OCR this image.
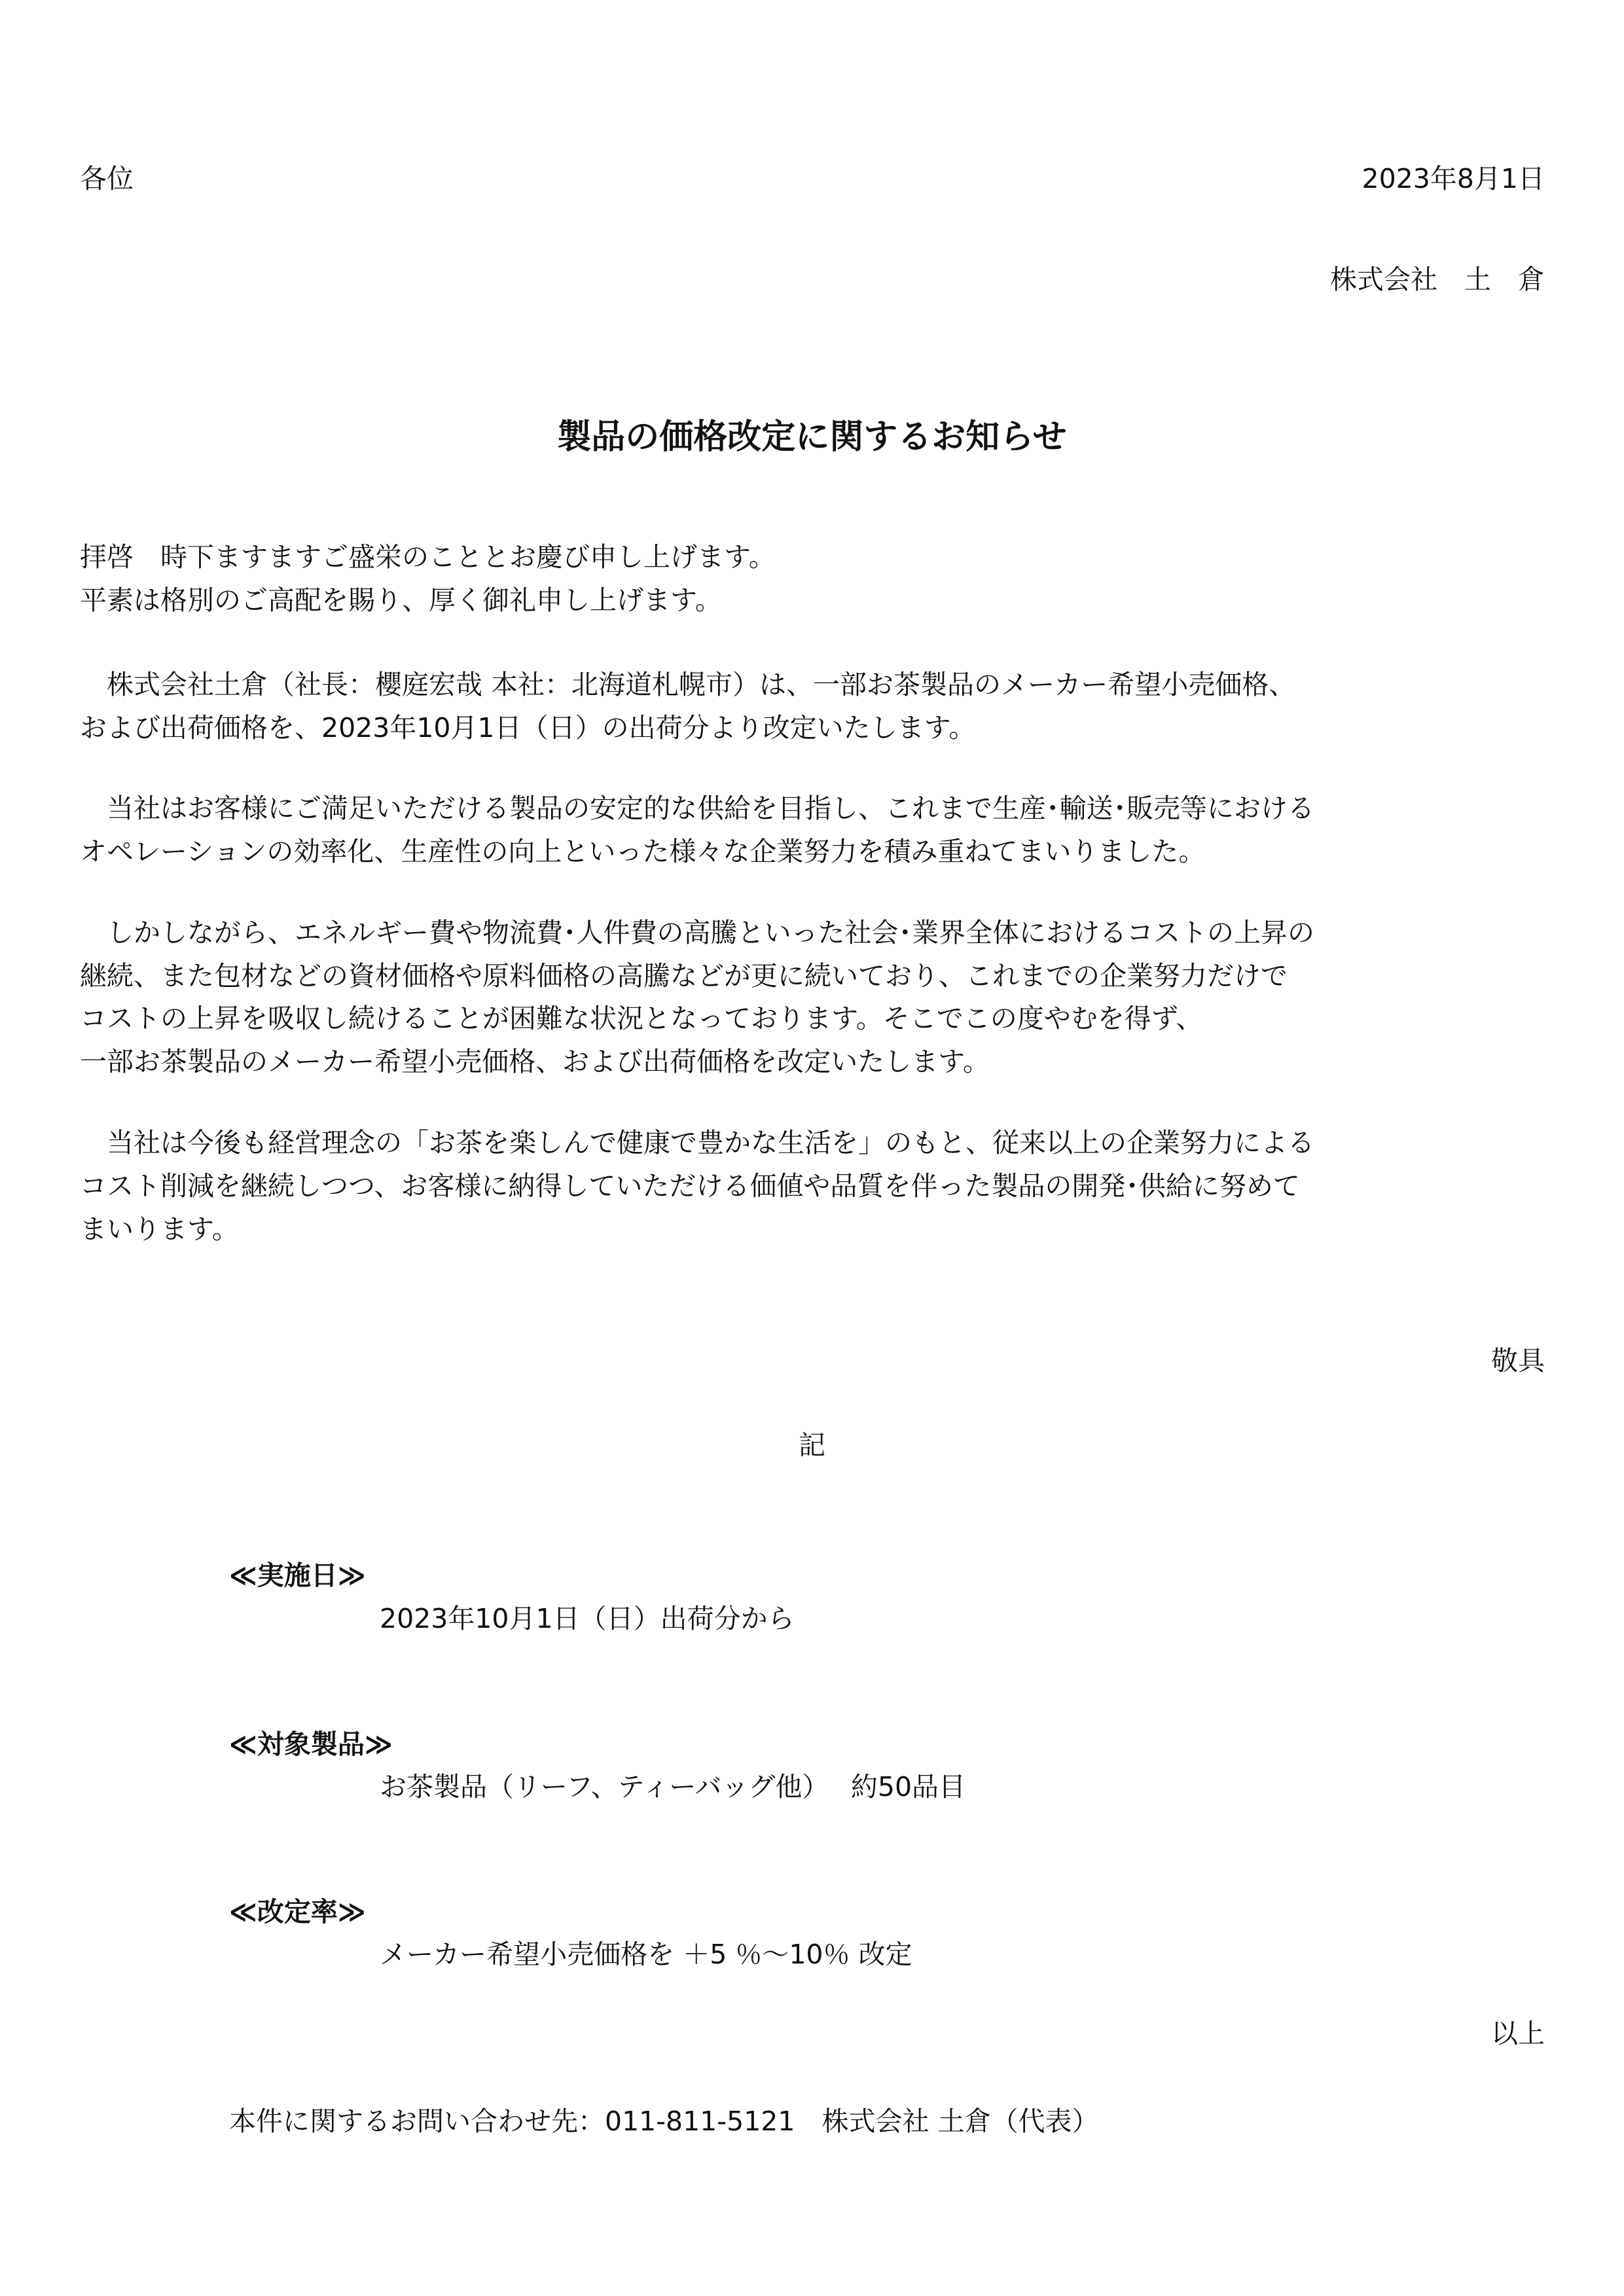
各位	2023年8月1日

株式会社　土　倉

製品の価格改定に関するお知らせ

拝啓　時下ますますご盛栄のこととお慶び申し上げます。

平素は格別のご高配を賜り、厚く御礼申し上げます。

　株式会社土倉（社長：櫻庭宏哉 本社：北海道札幌市）は、一部お茶製品のメーカー希望小売価格、

および出荷価格を、2023年10月1日（日）の出荷分より改定いたします。

　当社はお客様にご満足いただける製品の安定的な供給を目指し、これまで生産･輸送･販売等における

オペレーションの効率化、生産性の向上といった様々な企業努力を積み重ねてまいりました。

　しかしながら、エネルギー費や物流費･人件費の高騰といった社会･業界全体におけるコストの上昇の

継続、また包材などの資材価格や原料価格の高騰などが更に続いており、これまでの企業努力だけで

コストの上昇を吸収し続けることが困難な状況となっております。そこでこの度やむを得ず、

一部お茶製品のメーカー希望小売価格、および出荷価格を改定いたします。

　当社は今後も経営理念の「お茶を楽しんで健康で豊かな生活を」のもと、従来以上の企業努力による

コスト削減を継続しつつ、お客様に納得していただける価値や品質を伴った製品の開発･供給に努めて

まいります。

敬具

記

≪実施日≫

2023年10月1日（日）出荷分から

≪対象製品≫

お茶製品（リーフ、ティーバッグ他）　 約50品目

≪改定率≫

メーカー希望小売価格を ＋5 ％～10％ 改定

以上

本件に関するお問い合わせ先：011-811-5121　株式会社 土倉（代表）
